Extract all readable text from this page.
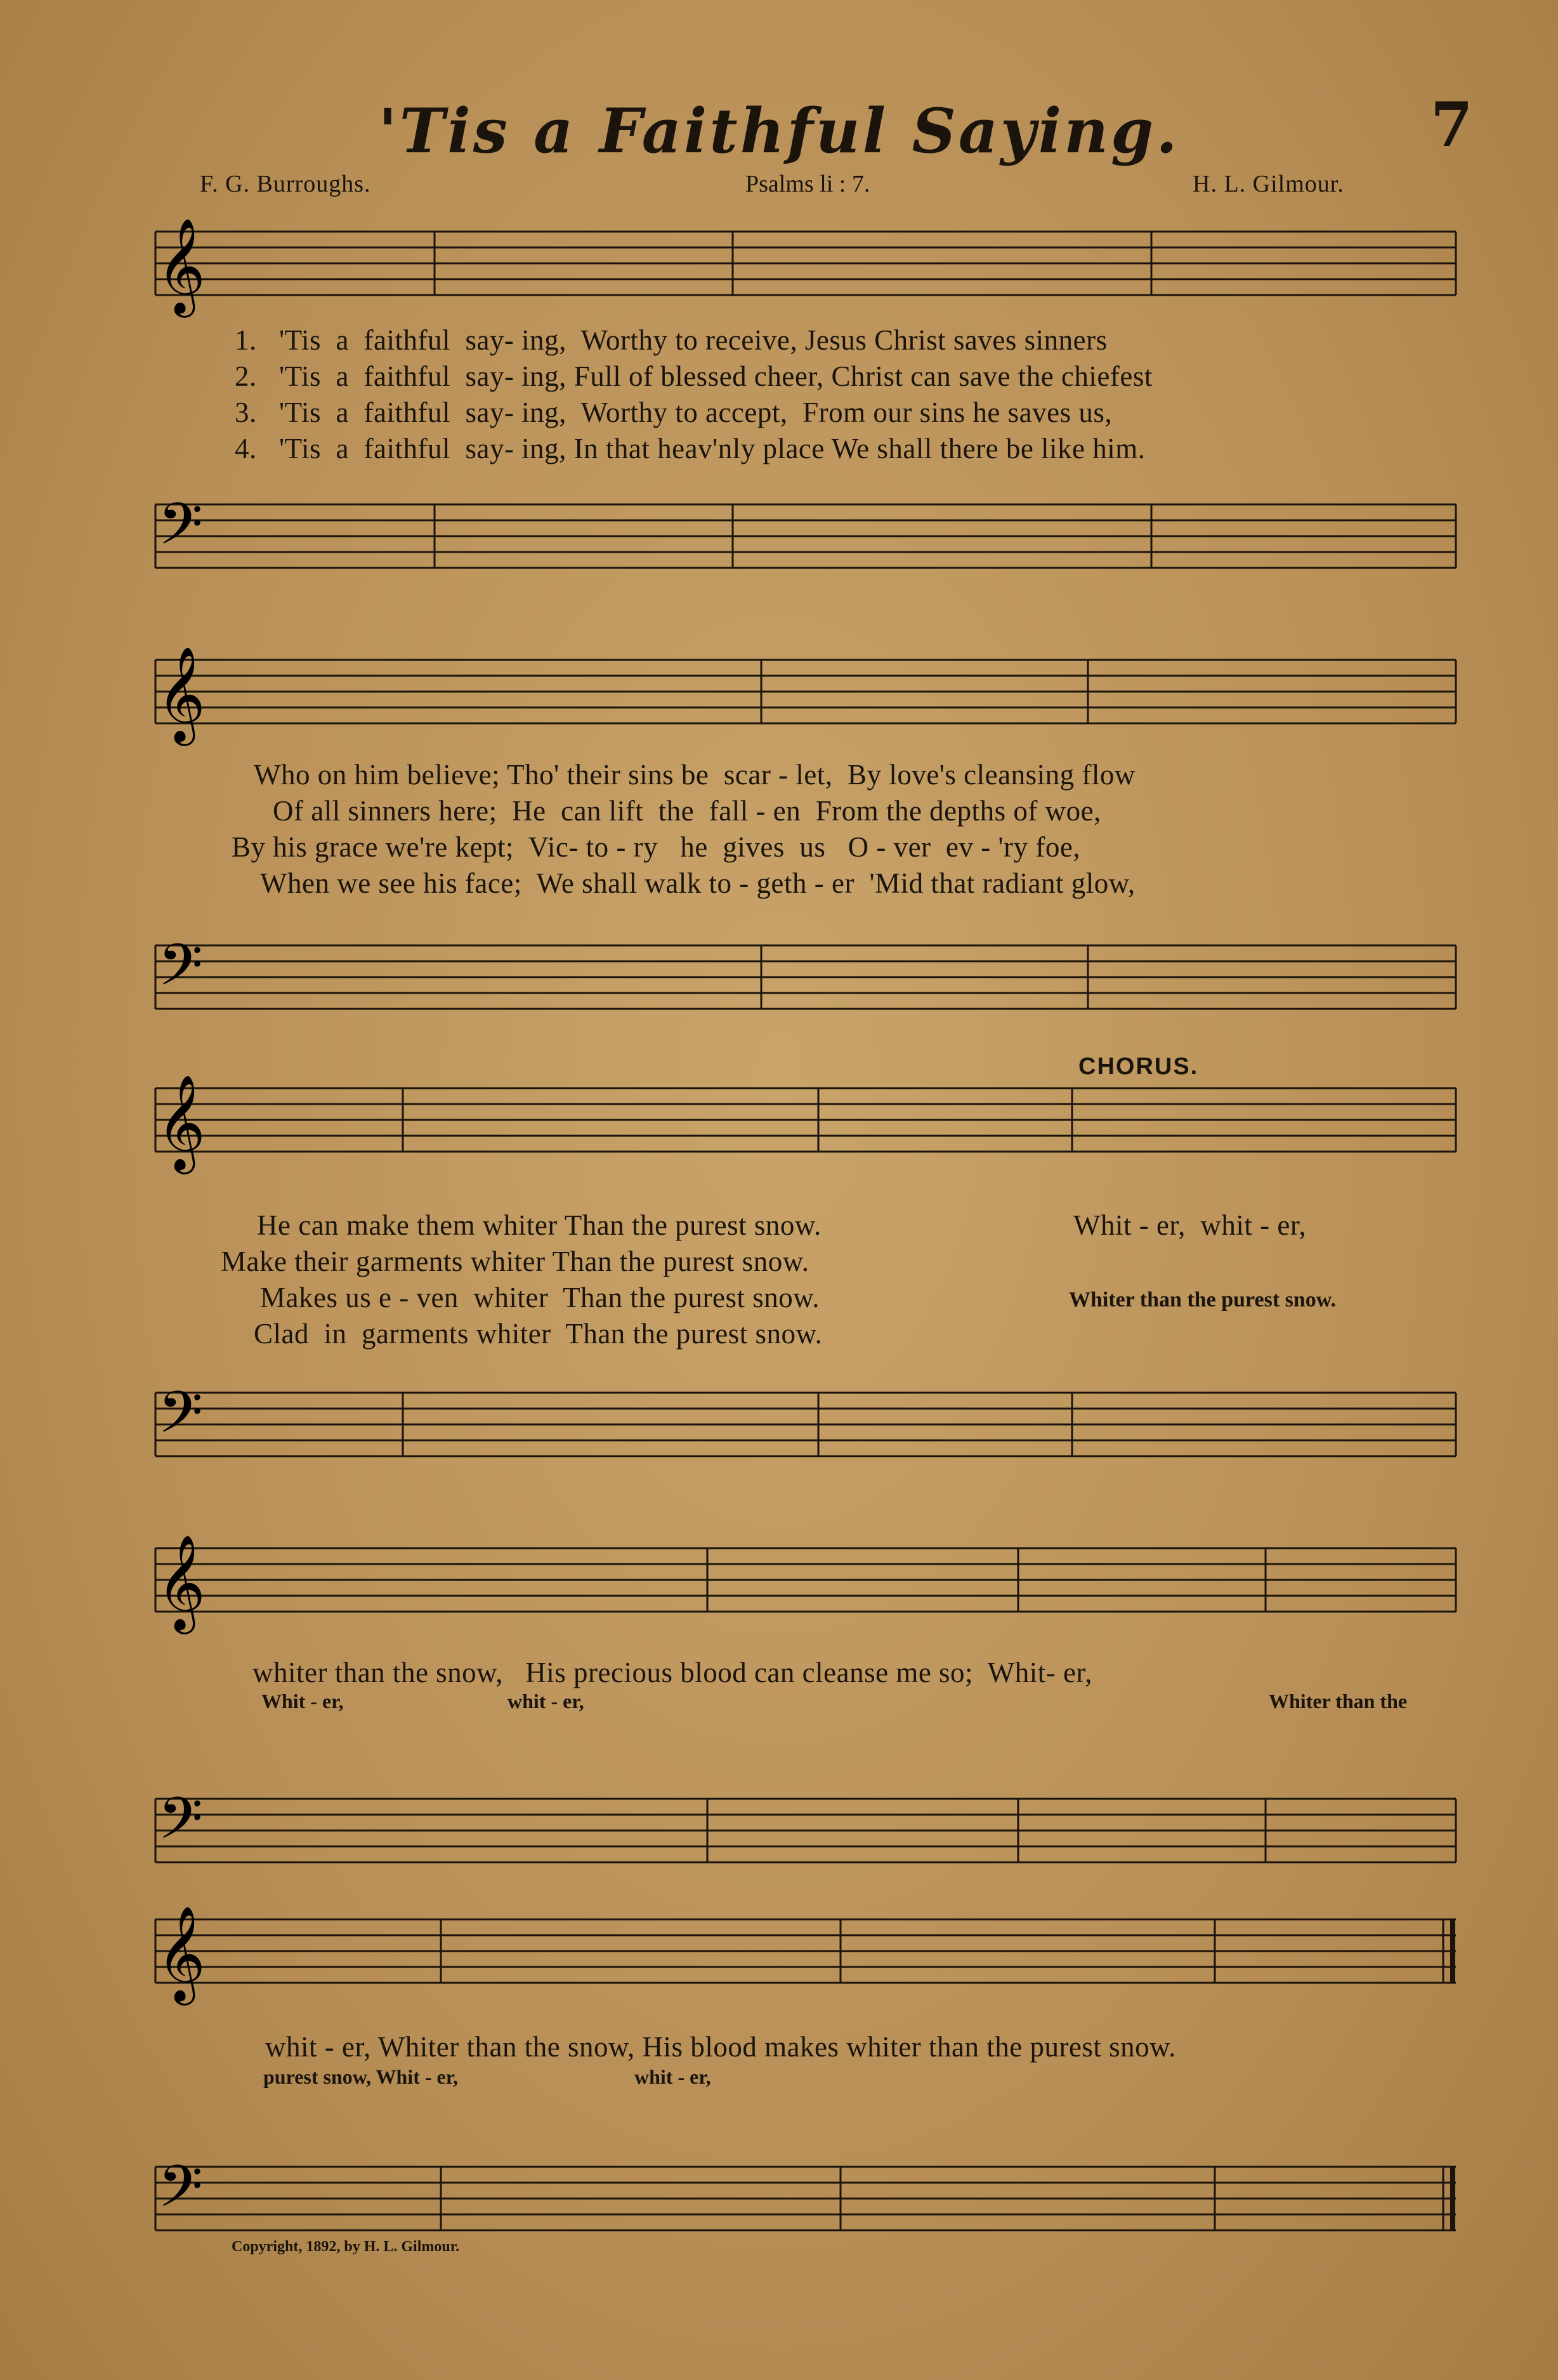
'Tis a Faithful Saying.	7
F. G. Burroughs.	Psalms li : 7.	H. L. Gilmour.
𝄞
𝄢
1. 'Tis  a  faithful  say- ing,  Worthy to receive, Jesus Christ saves sinners
2. 'Tis  a  faithful  say- ing, Full of blessed cheer, Christ can save the chiefest
3. 'Tis  a  faithful  say- ing,  Worthy to accept,  From our sins he saves us,
4. 'Tis  a  faithful  say- ing, In that heav'nly place We shall there be like him.
𝄞
Who on him believe; Tho' their sins be  scar - let,  By love's cleansing flow
Of all sinners here;  He  can lift  the  fall - en  From the depths of woe,
By his grace we're kept;  Vic- to - ry   he  gives  us   O - ver  ev - 'ry foe,
When we see his face;  We shall walk to - geth - er  'Mid that radiant glow,
𝄢
CHORUS.
𝄞
He can make them whiter Than the purest snow.
Make their garments whiter Than the purest snow.
Makes us e - ven  whiter  Than the purest snow.
Clad  in  garments whiter  Than the purest snow.
Whit - er,  whit - er,
Whiter than the purest snow.
𝄢
𝄞
whiter than the snow,   His precious blood can cleanse me so;  Whit- er,
Whit - er,	whit - er,	Whiter than the
𝄢
𝄞
whit - er, Whiter than the snow, His blood makes whiter than the purest snow.
purest snow, Whit - er,	whit - er,
𝄢
Copyright, 1892, by H. L. Gilmour.
